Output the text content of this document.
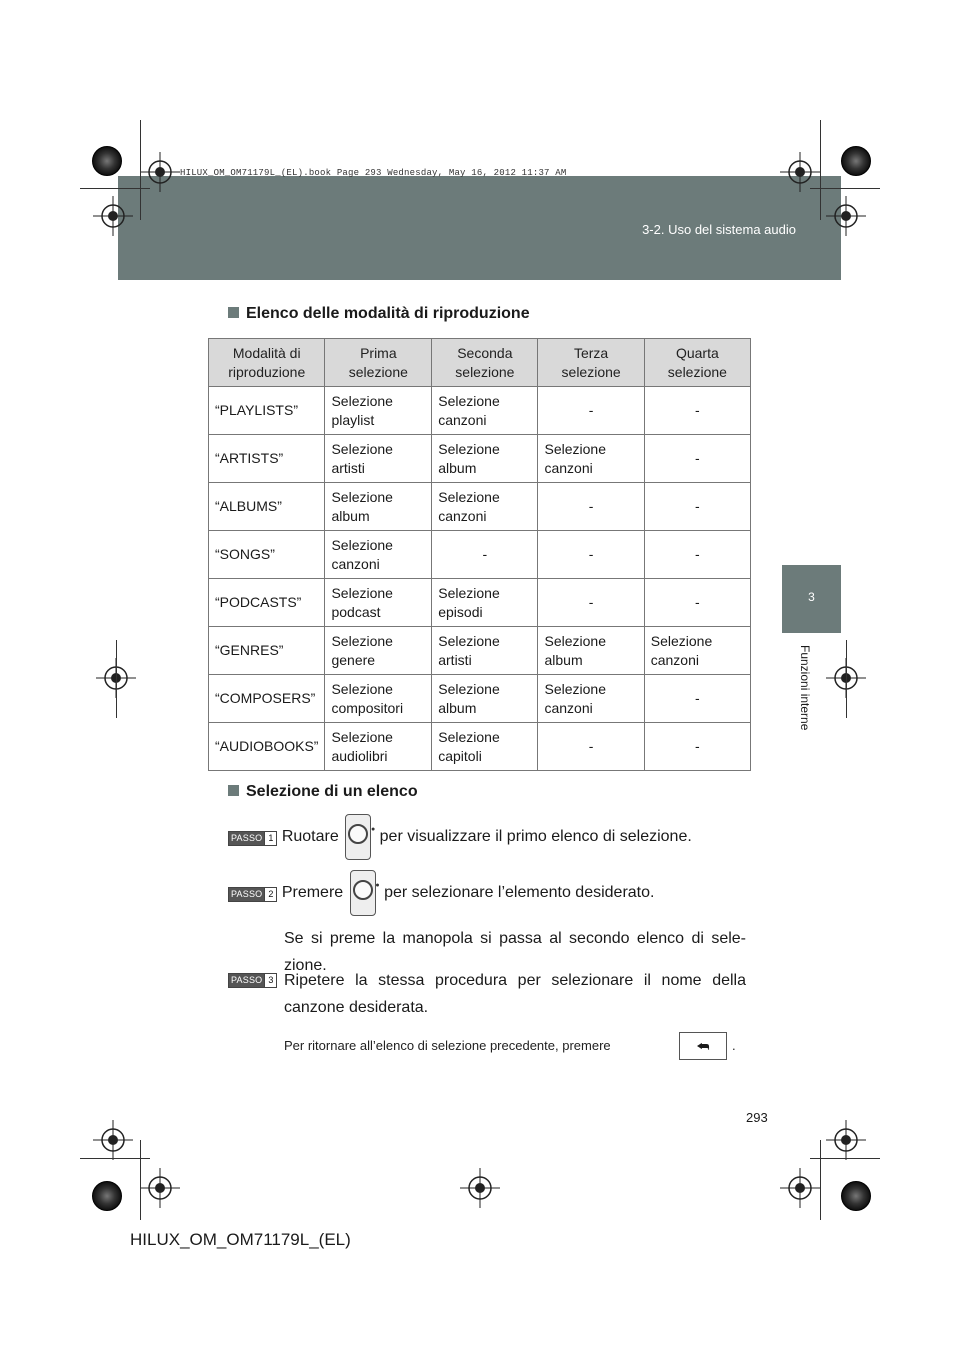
HILUX_OM_OM71179L_(EL).book Page 293 Wednesday, May 16, 2012 11:37 AM
3-2. Uso del sistema audio
3
Funzioni interne
Elenco delle modalità di riproduzione
Modalità di riproduzione	Prima selezione	Seconda selezione	Terza selezione	Quarta selezione
“PLAYLISTS”	Selezione playlist	Selezione canzoni	-	-
“ARTISTS”	Selezione artisti	Selezione album	Selezione canzoni	-
“ALBUMS”	Selezione album	Selezione canzoni	-	-
“SONGS”	Selezione canzoni	-	-	-
“PODCASTS”	Selezione podcast	Selezione episodi	-	-
“GENRES”	Selezione genere	Selezione artisti	Selezione album	Selezione canzoni
“COMPOSERS”	Selezione compositori	Selezione album	Selezione canzoni	-
“AUDIOBOOKS”	Selezione audiolibri	Selezione capitoli	-	-
Selezione di un elenco
PASSO 1 Ruotare	● per visualizzare il primo elenco di selezione.
PASSO 2 Premere	● per selezionare l’elemento desiderato.
Se si preme la manopola si passa al secondo elenco di sele-zione.
PASSO 3 Ripetere la stessa procedura per selezionare il nome della canzone desiderata.
Per ritornare all’elenco di selezione precedente, premere	⮪	.
293
HILUX_OM_OM71179L_(EL)
